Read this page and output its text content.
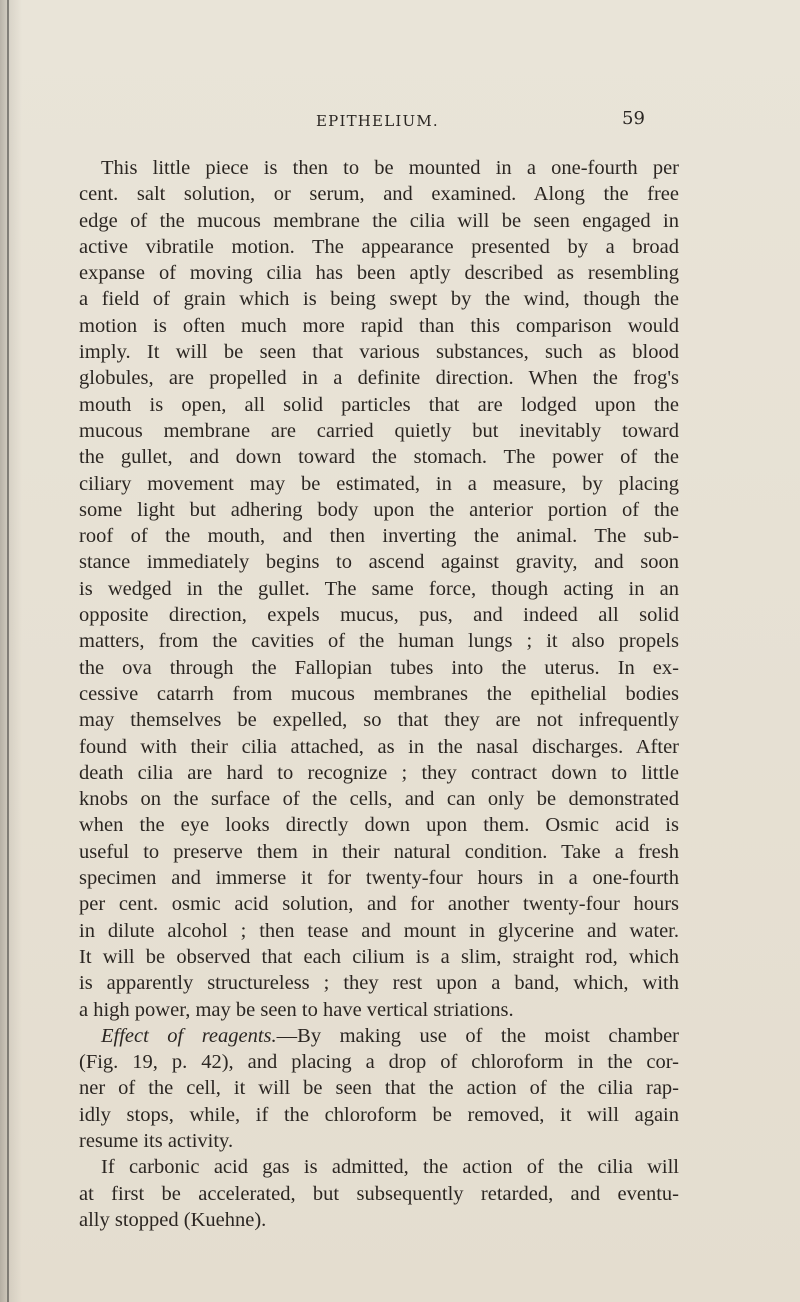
EPITHELIUM.	59
This little piece is then to be mounted in a one-fourth per
cent. salt solution, or serum, and examined. Along the free
edge of the mucous membrane the cilia will be seen engaged in
active vibratile motion. The appearance presented by a broad
expanse of moving cilia has been aptly described as resembling
a field of grain which is being swept by the wind, though the
motion is often much more rapid than this comparison would
imply. It will be seen that various substances, such as blood
globules, are propelled in a definite direction. When the frog's
mouth is open, all solid particles that are lodged upon the
mucous membrane are carried quietly but inevitably toward
the gullet, and down toward the stomach. The power of the
ciliary movement may be estimated, in a measure, by placing
some light but adhering body upon the anterior portion of the
roof of the mouth, and then inverting the animal. The sub-
stance immediately begins to ascend against gravity, and soon
is wedged in the gullet. The same force, though acting in an
opposite direction, expels mucus, pus, and indeed all solid
matters, from the cavities of the human lungs ; it also propels
the ova through the Fallopian tubes into the uterus. In ex-
cessive catarrh from mucous membranes the epithelial bodies
may themselves be expelled, so that they are not infrequently
found with their cilia attached, as in the nasal discharges. After
death cilia are hard to recognize ; they contract down to little
knobs on the surface of the cells, and can only be demonstrated
when the eye looks directly down upon them. Osmic acid is
useful to preserve them in their natural condition. Take a fresh
specimen and immerse it for twenty-four hours in a one-fourth
per cent. osmic acid solution, and for another twenty-four hours
in dilute alcohol ; then tease and mount in glycerine and water.
It will be observed that each cilium is a slim, straight rod, which
is apparently structureless ; they rest upon a band, which, with
a high power, may be seen to have vertical striations.
Effect of reagents.—By making use of the moist chamber
(Fig. 19, p. 42), and placing a drop of chloroform in the cor-
ner of the cell, it will be seen that the action of the cilia rap-
idly stops, while, if the chloroform be removed, it will again
resume its activity.
If carbonic acid gas is admitted, the action of the cilia will
at first be accelerated, but subsequently retarded, and eventu-
ally stopped (Kuehne).
